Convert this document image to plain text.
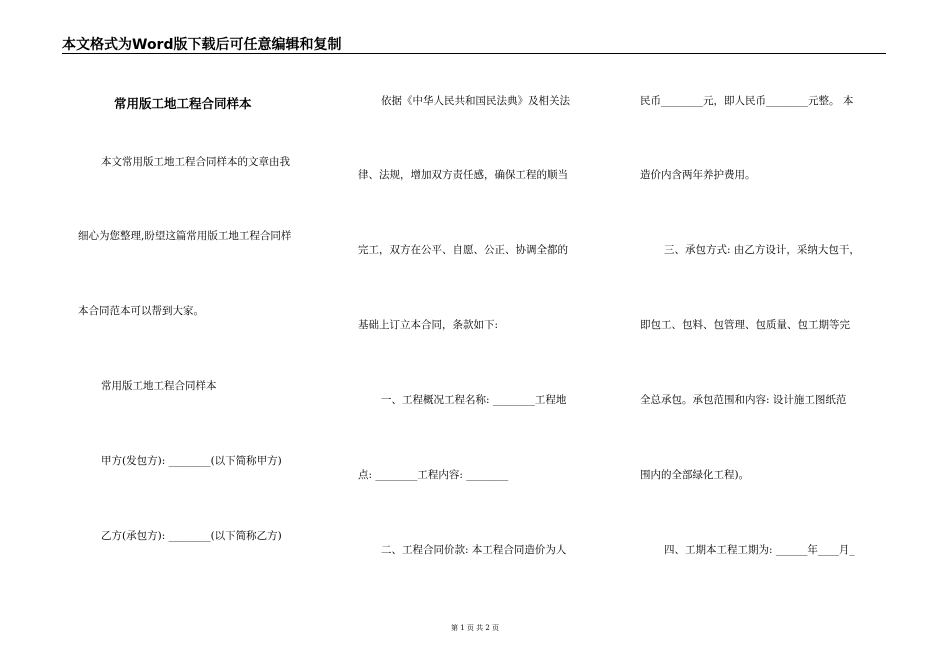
本文格式为Word版下载后可任意编辑和复制
常用版工地工程合同样本
本文常用版工地工程合同样本的文章由我
细心为您整理,盼望这篇常用版工地工程合同样
本合同范本可以帮到大家。
常用版工地工程合同样本
甲方(发包方): ________(以下简称甲方)
乙方(承包方): ________(以下简称乙方)
依据《中华人民共和国民法典》及相关法
律、法规，增加双方责任感，确保工程的顺当
完工，双方在公平、自愿、公正、协调全都的
基础上订立本合同，条款如下:
一、工程概况工程名称: ________工程地
点: ________工程内容: ________
二、工程合同价款: 本工程合同造价为人
民币________元，即人民币________元整。 本
造价内含两年养护费用。
三、承包方式: 由乙方设计，采纳大包干，
即包工、包料、包管理、包质量、包工期等完
全总承包。承包范围和内容: 设计施工图纸范
围内的全部绿化工程)。
四、工期本工程工期为: ______年____月_
第 1 页 共 2 页
